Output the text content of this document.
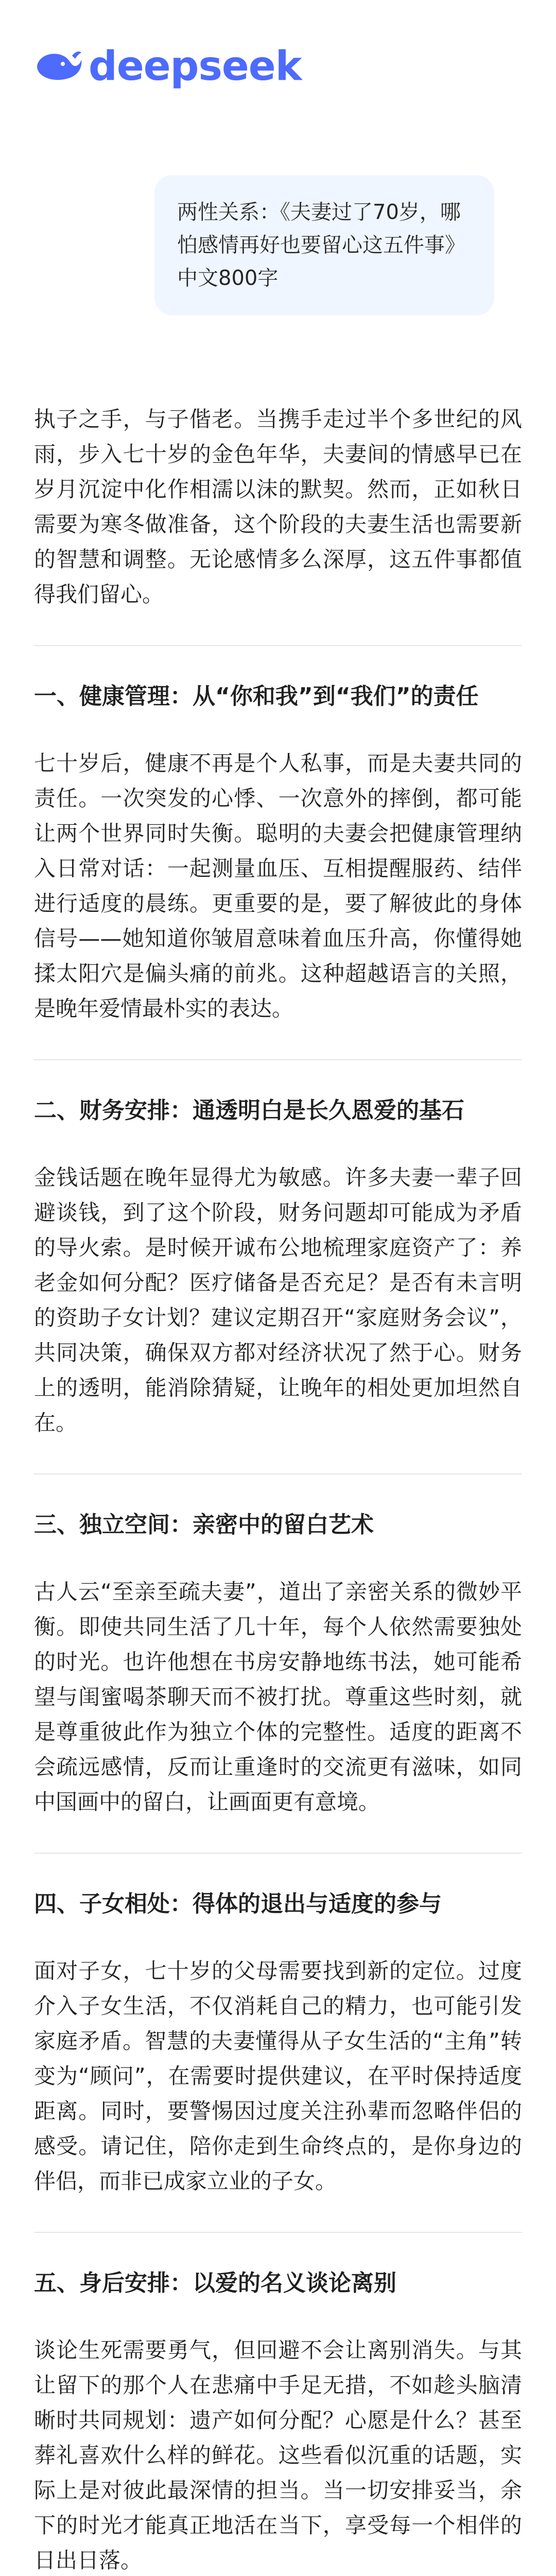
deepseek
两性关系：《夫妻过了70岁，哪怕感情再好也要留心这五件事》中文800字

执子之手，与子偕老。当携手走过半个多世纪的风雨，步入七十岁的金色年华，夫妻间的情感早已在岁月沉淀中化作相濡以沫的默契。然而，正如秋日需要为寒冬做准备，这个阶段的夫妻生活也需要新的智慧和调整。无论感情多么深厚，这五件事都值得我们留心。

一、健康管理：从“你和我”到“我们”的责任

七十岁后，健康不再是个人私事，而是夫妻共同的责任。一次突发的心悸、一次意外的摔倒，都可能让两个世界同时失衡。聪明的夫妻会把健康管理纳入日常对话：一起测量血压、互相提醒服药、结伴进行适度的晨练。更重要的是，要了解彼此的身体信号——她知道你皱眉意味着血压升高，你懂得她揉太阳穴是偏头痛的前兆。这种超越语言的关照，是晚年爱情最朴实的表达。

二、财务安排：通透明白是长久恩爱的基石

金钱话题在晚年显得尤为敏感。许多夫妻一辈子回避谈钱，到了这个阶段，财务问题却可能成为矛盾的导火索。是时候开诚布公地梳理家庭资产了：养老金如何分配？医疗储备是否充足？是否有未言明的资助子女计划？建议定期召开“家庭财务会议”，共同决策，确保双方都对经济状况了然于心。财务上的透明，能消除猜疑，让晚年的相处更加坦然自在。

三、独立空间：亲密中的留白艺术

古人云“至亲至疏夫妻”，道出了亲密关系的微妙平衡。即使共同生活了几十年，每个人依然需要独处的时光。也许他想在书房安静地练书法，她可能希望与闺蜜喝茶聊天而不被打扰。尊重这些时刻，就是尊重彼此作为独立个体的完整性。适度的距离不会疏远感情，反而让重逢时的交流更有滋味，如同中国画中的留白，让画面更有意境。

四、子女相处：得体的退出与适度的参与

面对子女，七十岁的父母需要找到新的定位。过度介入子女生活，不仅消耗自己的精力，也可能引发家庭矛盾。智慧的夫妻懂得从子女生活的“主角”转变为“顾问”，在需要时提供建议，在平时保持适度距离。同时，要警惕因过度关注孙辈而忽略伴侣的感受。请记住，陪你走到生命终点的，是你身边的伴侣，而非已成家立业的子女。

五、身后安排：以爱的名义谈论离别

谈论生死需要勇气，但回避不会让离别消失。与其让留下的那个人在悲痛中手足无措，不如趁头脑清晰时共同规划：遗产如何分配？心愿是什么？甚至葬礼喜欢什么样的鲜花。这些看似沉重的话题，实际上是对彼此最深情的担当。当一切安排妥当，余下的时光才能真正地活在当下，享受每一个相伴的日出日落。
